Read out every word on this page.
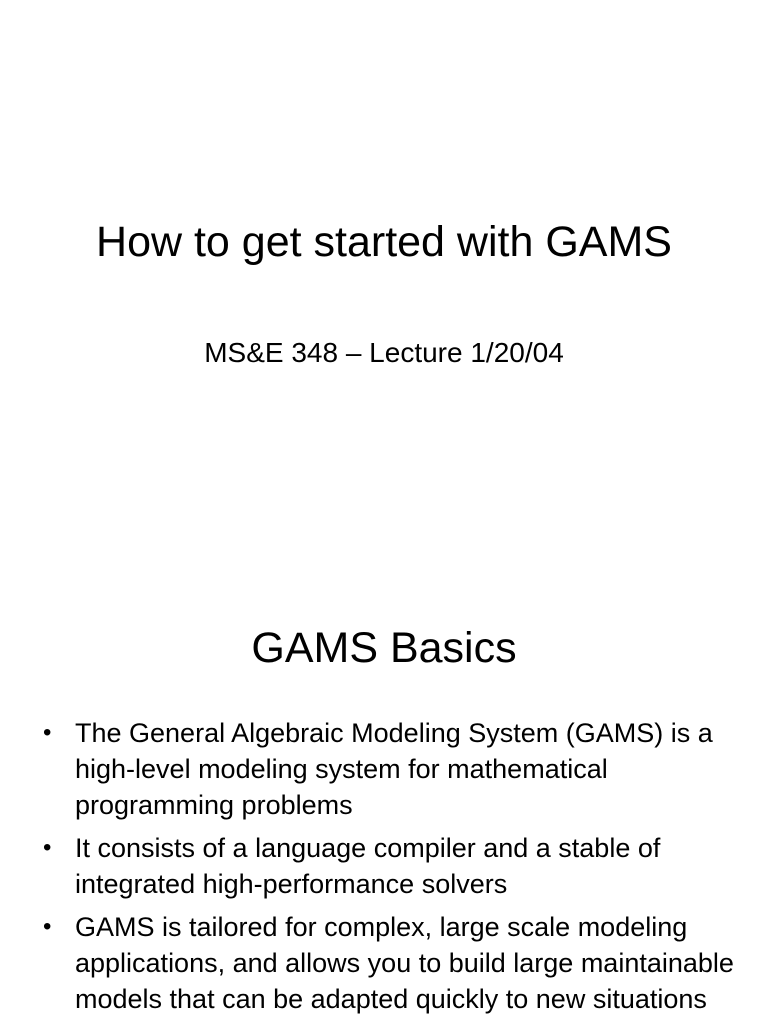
How to get started with GAMS

MS&E 348 – Lecture 1/20/04

GAMS Basics
• The General Algebraic Modeling System (GAMS) is a high-level modeling system for mathematical programming problems
• It consists of a language compiler and a stable of integrated high-performance solvers
• GAMS is tailored for complex, large scale modeling applications, and allows you to build large maintainable models that can be adapted quickly to new situations
